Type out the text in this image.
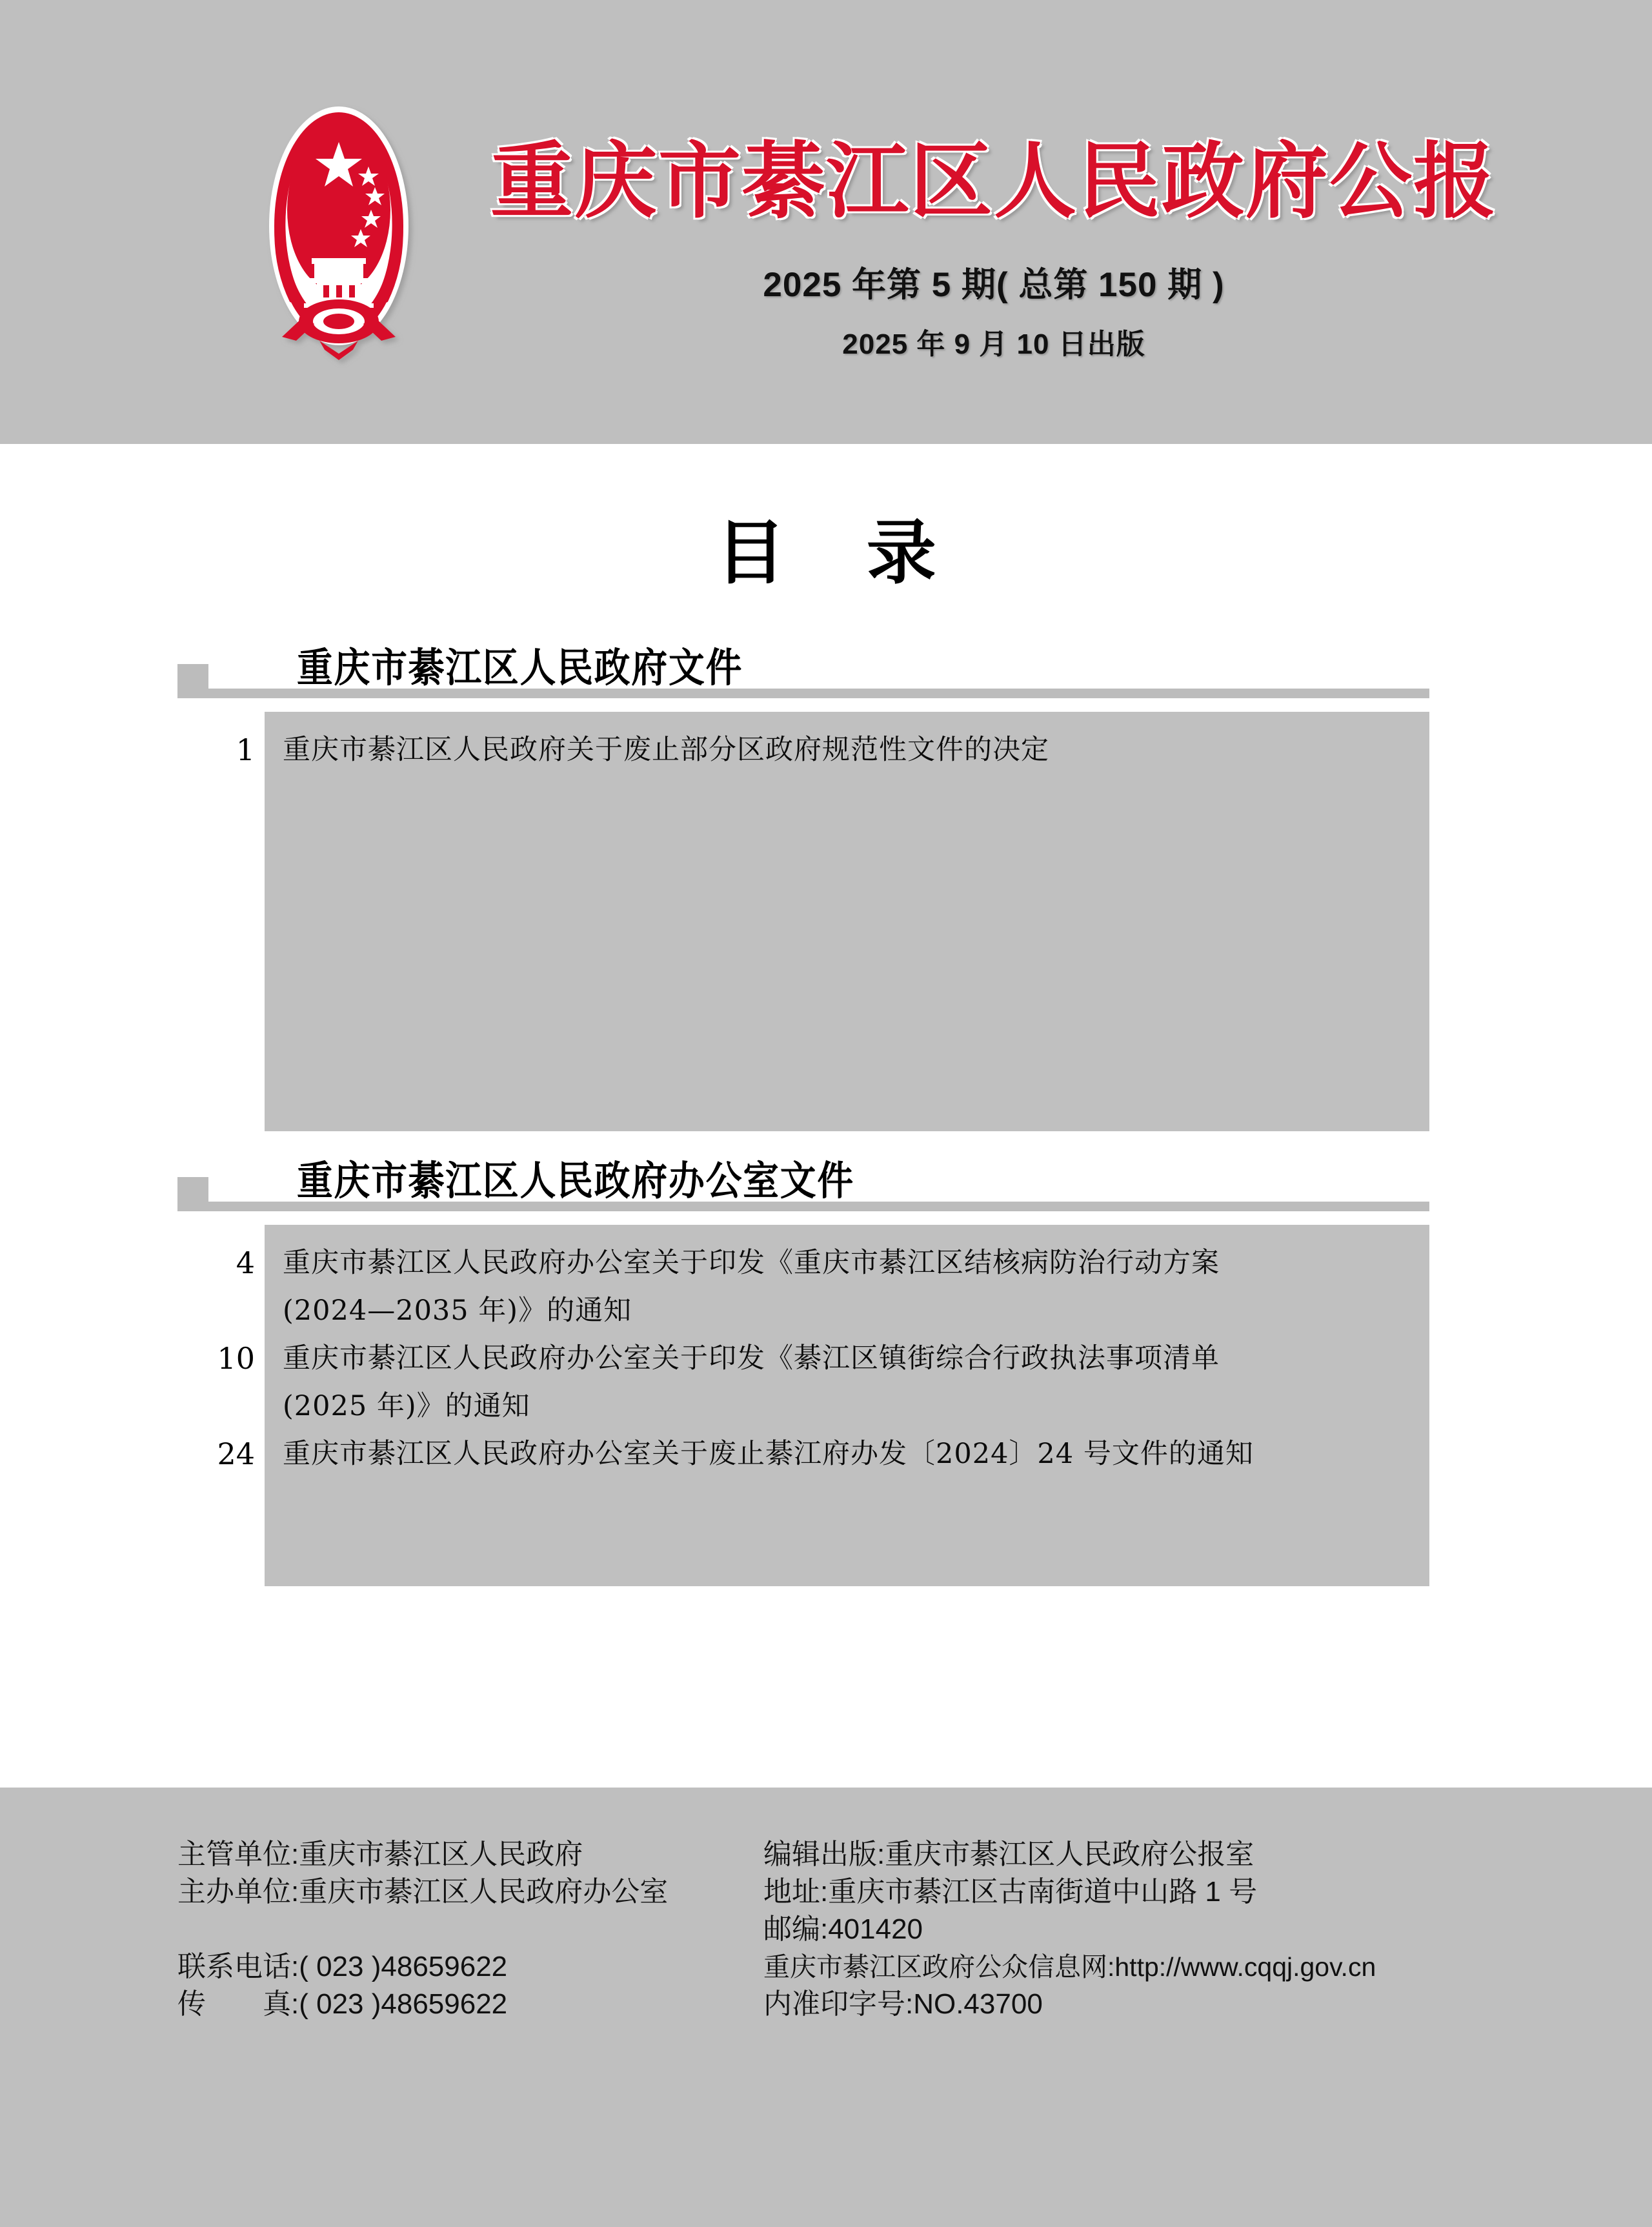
重庆市綦江区人民政府公报
2025 年第 5 期( 总第 150 期 )
2025 年 9 月 10 日出版
目 录
重庆市綦江区人民政府文件
1	重庆市綦江区人民政府关于废止部分区政府规范性文件的决定
重庆市綦江区人民政府办公室文件
4	重庆市綦江区人民政府办公室关于印发《重庆市綦江区结核病防治行动方案
(2024—2035 年)》的通知
10	重庆市綦江区人民政府办公室关于印发《綦江区镇街综合行政执法事项清单
(2025 年)》的通知
24	重庆市綦江区人民政府办公室关于废止綦江府办发〔2024〕24 号文件的通知
主管单位:重庆市綦江区人民政府
主办单位:重庆市綦江区人民政府办公室
联系电话:( 023 )48659622
传　　真:( 023 )48659622
编辑出版:重庆市綦江区人民政府公报室
地址:重庆市綦江区古南街道中山路 1 号
邮编:401420
重庆市綦江区政府公众信息网:http://www.cqqj.gov.cn
内准印字号:NO.43700
